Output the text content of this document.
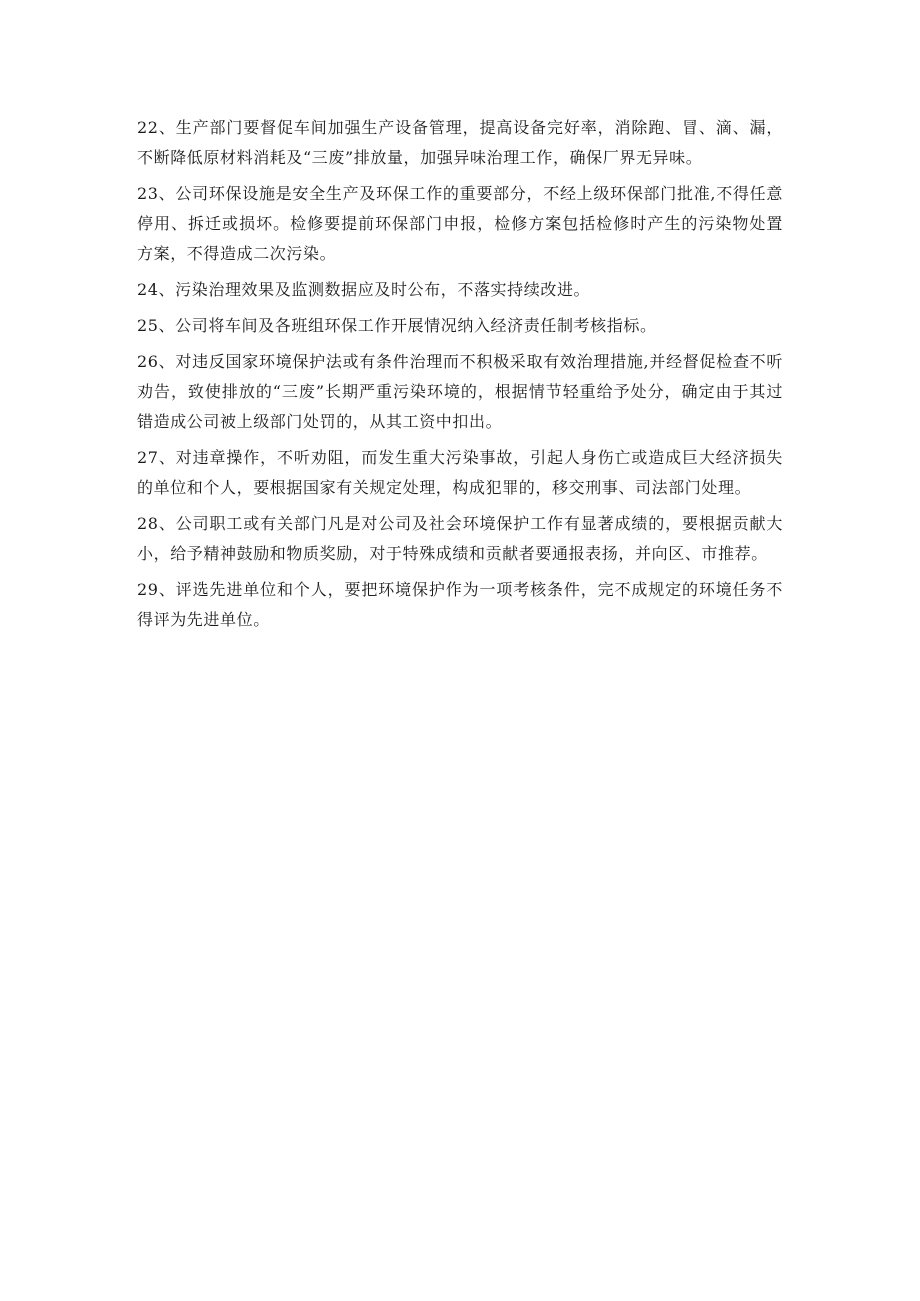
22、生产部门要督促车间加强生产设备管理，提高设备完好率，消除跑、冒、滴、漏，不断降低原材料消耗及“三废”排放量，加强异味治理工作，确保厂界无异味。

23、公司环保设施是安全生产及环保工作的重要部分，不经上级环保部门批准,不得任意停用、拆迁或损坏。检修要提前环保部门申报，检修方案包括检修时产生的污染物处置方案，不得造成二次污染。

24、污染治理效果及监测数据应及时公布，不落实持续改进。

25、公司将车间及各班组环保工作开展情况纳入经济责任制考核指标。

26、对违反国家环境保护法或有条件治理而不积极采取有效治理措施,并经督促检查不听劝告，致使排放的“三废”长期严重污染环境的，根据情节轻重给予处分，确定由于其过错造成公司被上级部门处罚的，从其工资中扣出。

27、对违章操作，不听劝阻，而发生重大污染事故，引起人身伤亡或造成巨大经济损失的单位和个人，要根据国家有关规定处理，构成犯罪的，移交刑事、司法部门处理。

28、公司职工或有关部门凡是对公司及社会环境保护工作有显著成绩的，要根据贡献大小，给予精神鼓励和物质奖励，对于特殊成绩和贡献者要通报表扬，并向区、市推荐。

29、评选先进单位和个人，要把环境保护作为一项考核条件，完不成规定的环境任务不得评为先进单位。
